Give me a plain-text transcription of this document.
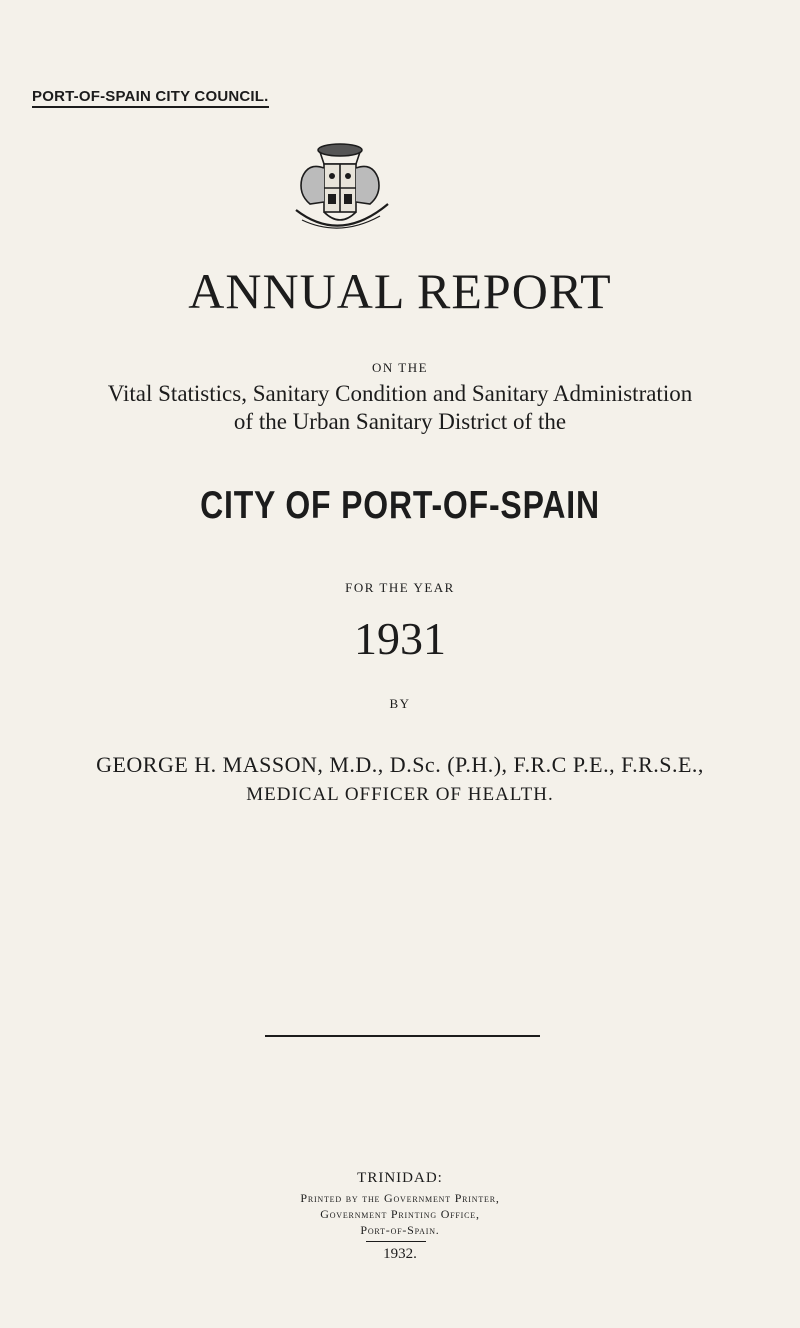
PORT-OF-SPAIN CITY COUNCIL.
ANNUAL REPORT
ON THE
Vital Statistics, Sanitary Condition and Sanitary Administration
of the Urban Sanitary District of the
CITY OF PORT-OF-SPAIN
FOR THE YEAR
1931
BY
GEORGE H. MASSON, M.D., D.Sc. (P.H.), F.R.C P.E., F.R.S.E.,
MEDICAL OFFICER OF HEALTH.
TRINIDAD:
Printed by the Government Printer,
Government Printing Office,
Port-of-Spain.
1932.
